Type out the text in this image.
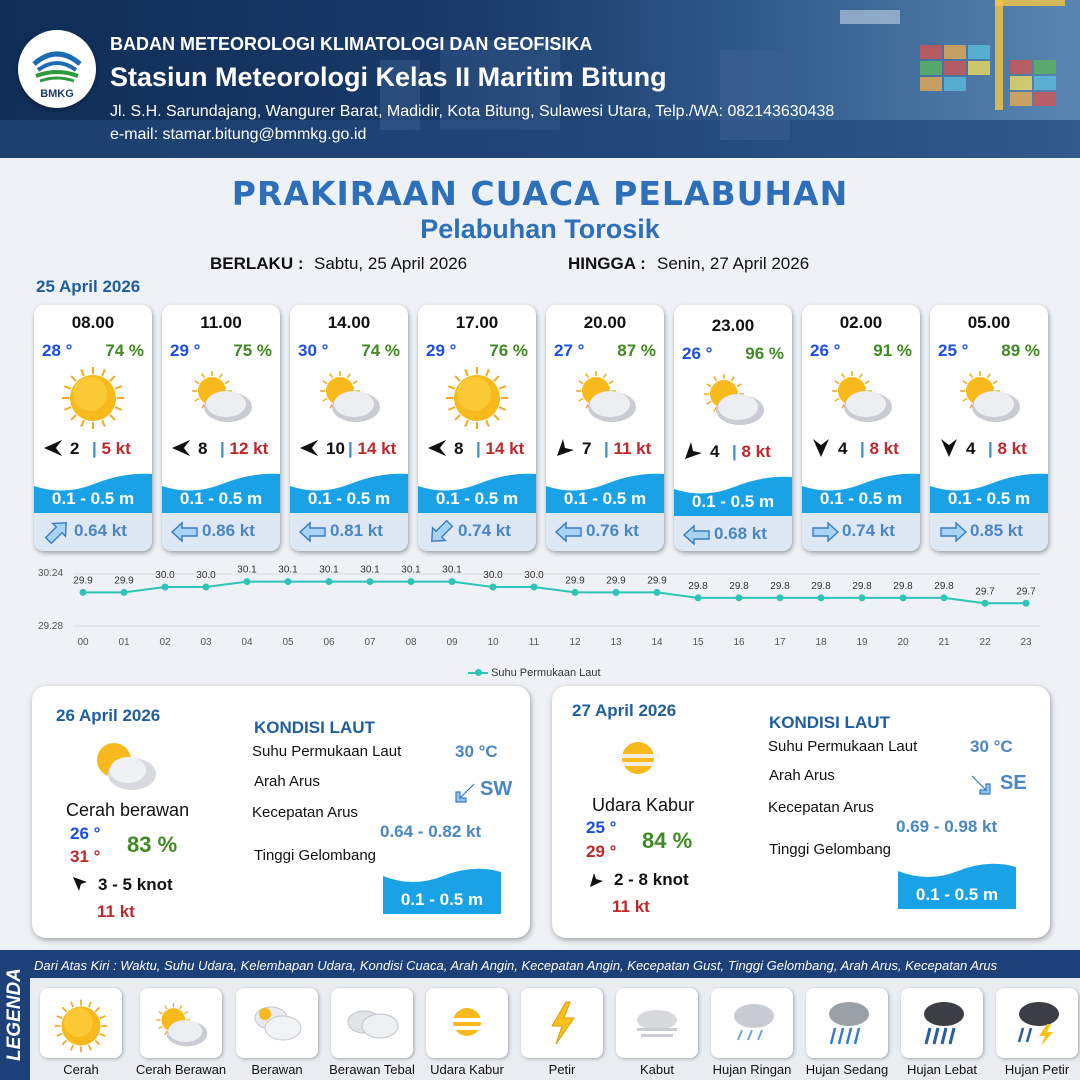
BMKG
BADAN METEOROLOGI KLIMATOLOGI DAN GEOFISIKA
Stasiun Meteorologi Kelas II Maritim Bitung
Jl. S.H. Sarundajang, Wangurer Barat, Madidir, Kota Bitung, Sulawesi Utara, Telp./WA: 082143630438
e-mail: stamar.bitung@bmmkg.go.id
PRAKIRAAN CUACA PELABUHAN
Pelabuhan Torosik
BERLAKU : Sabtu, 25 April 2026	HINGGA : Senin, 27 April 2026
25 April 2026
08.00
28 ° 74 %
2 | 5 kt
0.1 - 0.5 m
0.64 kt
11.00
29 ° 75 %
8 | 12 kt
0.1 - 0.5 m
0.86 kt
14.00
30 ° 74 %
10 | 14 kt
0.1 - 0.5 m
0.81 kt
17.00
29 ° 76 %
8 | 14 kt
0.1 - 0.5 m
0.74 kt
20.00
27 ° 87 %
7 | 11 kt
0.1 - 0.5 m
0.76 kt
23.00
26 ° 96 %
4 | 8 kt
0.1 - 0.5 m
0.68 kt
02.00
26 ° 91 %
4 | 8 kt
0.1 - 0.5 m
0.74 kt
05.00
25 ° 89 %
4 | 8 kt
0.1 - 0.5 m
0.85 kt
29.9
00
29.9
01
30.0
02
30.0
03
30.1
04
30.1
05
30.1
06
30.1
07
30.1
08
30.1
09
30.0
10
30.0
11
29.9
12
29.9
13
29.9
14
29.8
15
29.8
16
29.8
17
29.8
18
29.8
19
29.8
20
29.8
21
29.7
22
29.7
23
30.24
29.28
Suhu Permukaan Laut
26 April 2026
Cerah berawan
26 °
31 ° 83 %
3 - 5 knot
11 kt
KONDISI LAUT
Suhu Permukaan Laut	30 °C
Arah Arus	SW
Kecepatan Arus
0.64 - 0.82 kt
Tinggi Gelombang
0.1 - 0.5 m
27 April 2026
Udara Kabur
25 °
29 ° 84 %
2 - 8 knot
11 kt
KONDISI LAUT
Suhu Permukaan Laut	30 °C
Arah Arus	SE
Kecepatan Arus
0.69 - 0.98 kt
Tinggi Gelombang
0.1 - 0.5 m
LEGENDA
Dari Atas Kiri : Waktu, Suhu Udara, Kelembapan Udara, Kondisi Cuaca, Arah Angin, Kecepatan Angin, Kecepatan Gust, Tinggi Gelombang, Arah Arus, Kecepatan Arus
Cerah	Cerah Berawan	Berawan	Berawan Tebal	Udara Kabur	Petir	Kabut	Hujan Ringan	Hujan Sedang	Hujan Lebat	Hujan Petir
